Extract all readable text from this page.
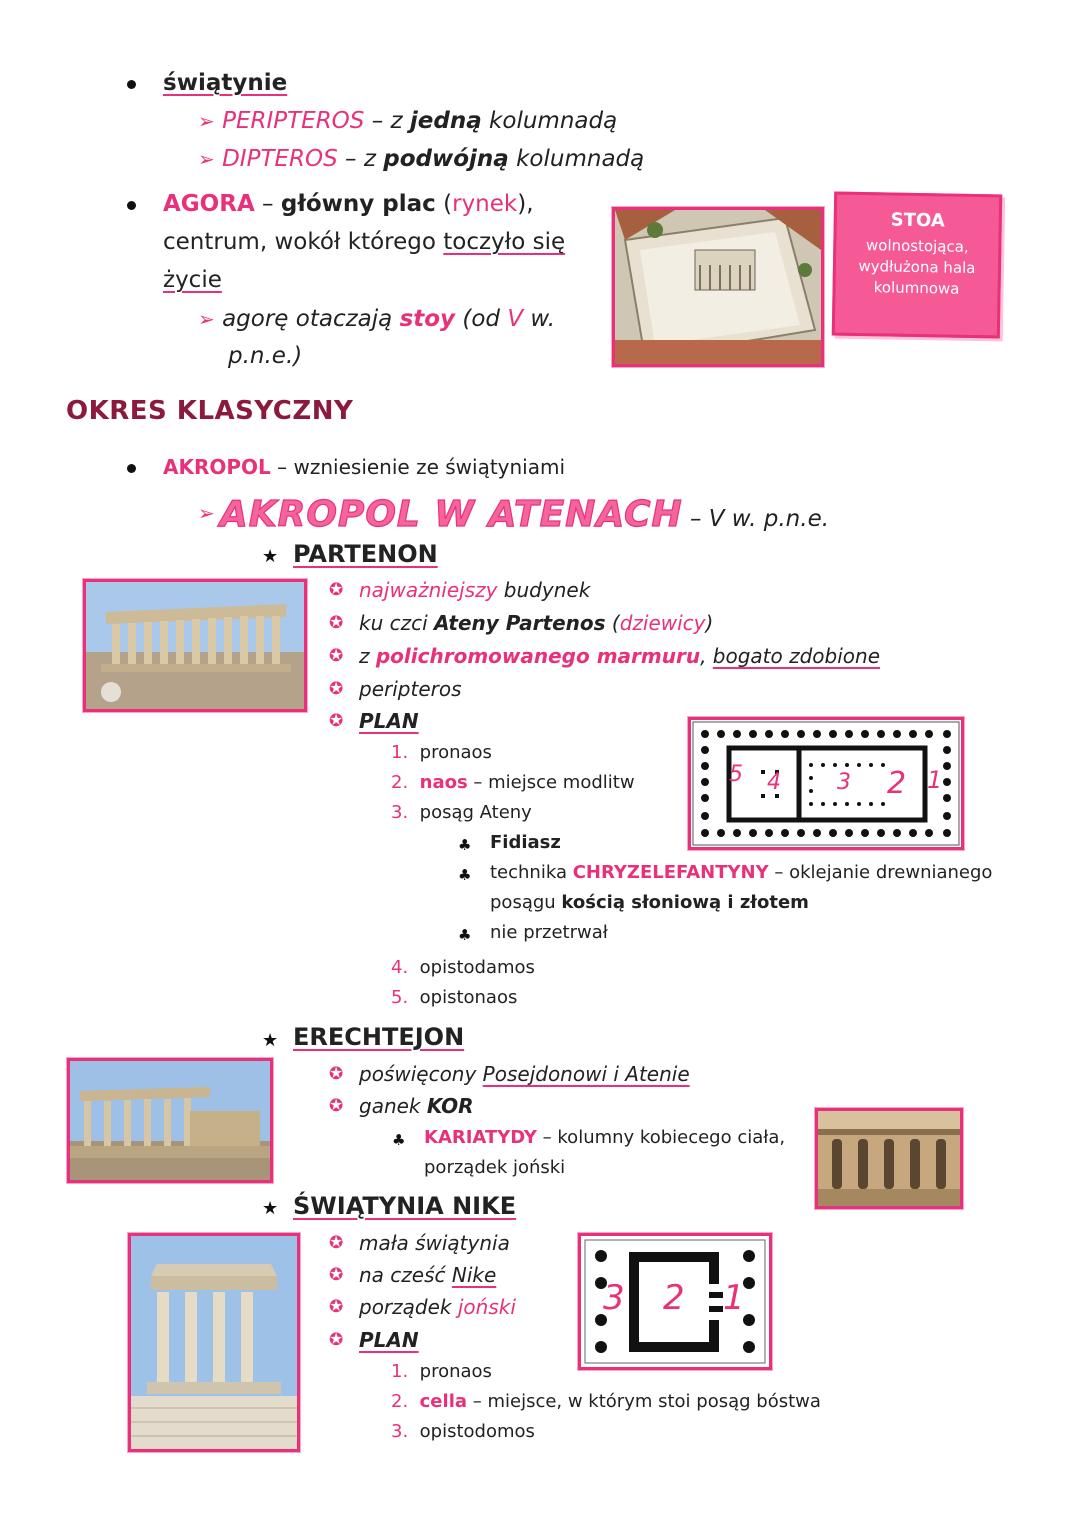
świątynie
➢ PERIPTEROS – z jedną kolumnadą
➢ DIPTEROS – z podwójną kolumnadą
AGORA – główny plac (rynek),
centrum, wokół którego toczyło się
życie
➢ agorę otaczają stoy (od V w.
p.n.e.)
STOA
wolnostojąca,
wydłużona hala
kolumnowa
OKRES KLASYCZNY
AKROPOL – wzniesienie ze świątyniami
➢ AKROPOL W ATENACH – V w. p.n.e.
★ PARTENON
✪ najważniejszy budynek
✪ ku czci Ateny Partenos (dziewicy)
✪ z polichromowanego marmuru, bogato zdobione
✪ peripteros
✪ PLAN
1. pronaos
2. naos – miejsce modlitw
3. posąg Ateny
♣ Fidiasz
♣ technika CHRYZELEFANTYNY – oklejanie drewnianego
posągu kością słoniową i złotem
♣ nie przetrwał
4. opistodamos
5. opistonaos
5 4	3 2 1
★ ERECHTEJON
✪ poświęcony Posejdonowi i Atenie
✪ ganek KOR
♣ KARIATYDY – kolumny kobiecego ciała,
porządek joński
★ ŚWIĄTYNIA NIKE
✪ mała świątynia
✪ na cześć Nike
✪ porządek joński
✪ PLAN
1. pronaos
2. cella – miejsce, w którym stoi posąg bóstwa
3. opistodomos
3 2 1
